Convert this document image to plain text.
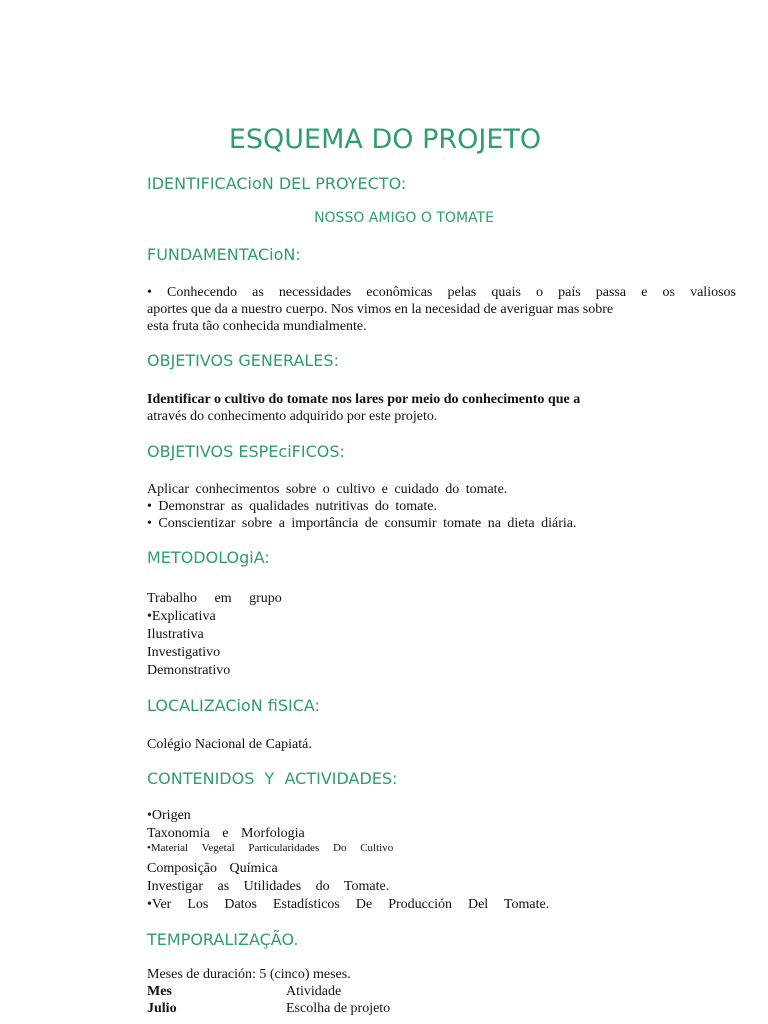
ESQUEMA DO PROJETO
IDENTIFICACioN DEL PROYECTO:
NOSSO AMIGO O TOMATE
FUNDAMENTACioN:
• Conhecendo as necessidades econômicas pelas quais o país passa e os valiosos
aportes que da a nuestro cuerpo. Nos vimos en la necesidad de averiguar mas sobre
esta fruta tão conhecida mundialmente.
OBJETIVOS GENERALES:
Identificar o cultivo do tomate nos lares por meio do conhecimento que a
através do conhecimento adquirido por este projeto.
OBJETIVOS ESPEciFICOS:
Aplicar conhecimentos sobre o cultivo e cuidado do tomate.
• Demonstrar as qualidades nutritivas do tomate.
• Conscientizar sobre a importância de consumir tomate na dieta diária.
METODOLOgiA:
Trabalho em grupo
•Explicativa
Ilustrativa
Investigativo
Demonstrativo
LOCALIZACioN fiSICA:
Colégio Nacional de Capiatá.
CONTENIDOS  Y  ACTIVIDADES:
•Origen
Taxonomia e Morfologia
•Material Vegetal Particularidades Do Cultivo
Composição Química
Investigar as Utilidades do Tomate.
•Ver Los Datos Estadísticos De Producción Del Tomate.
TEMPORALIZAÇÃO.
Meses de duración: 5 (cinco) meses.
Mes	Atividade
Julio	Escolha de projeto
